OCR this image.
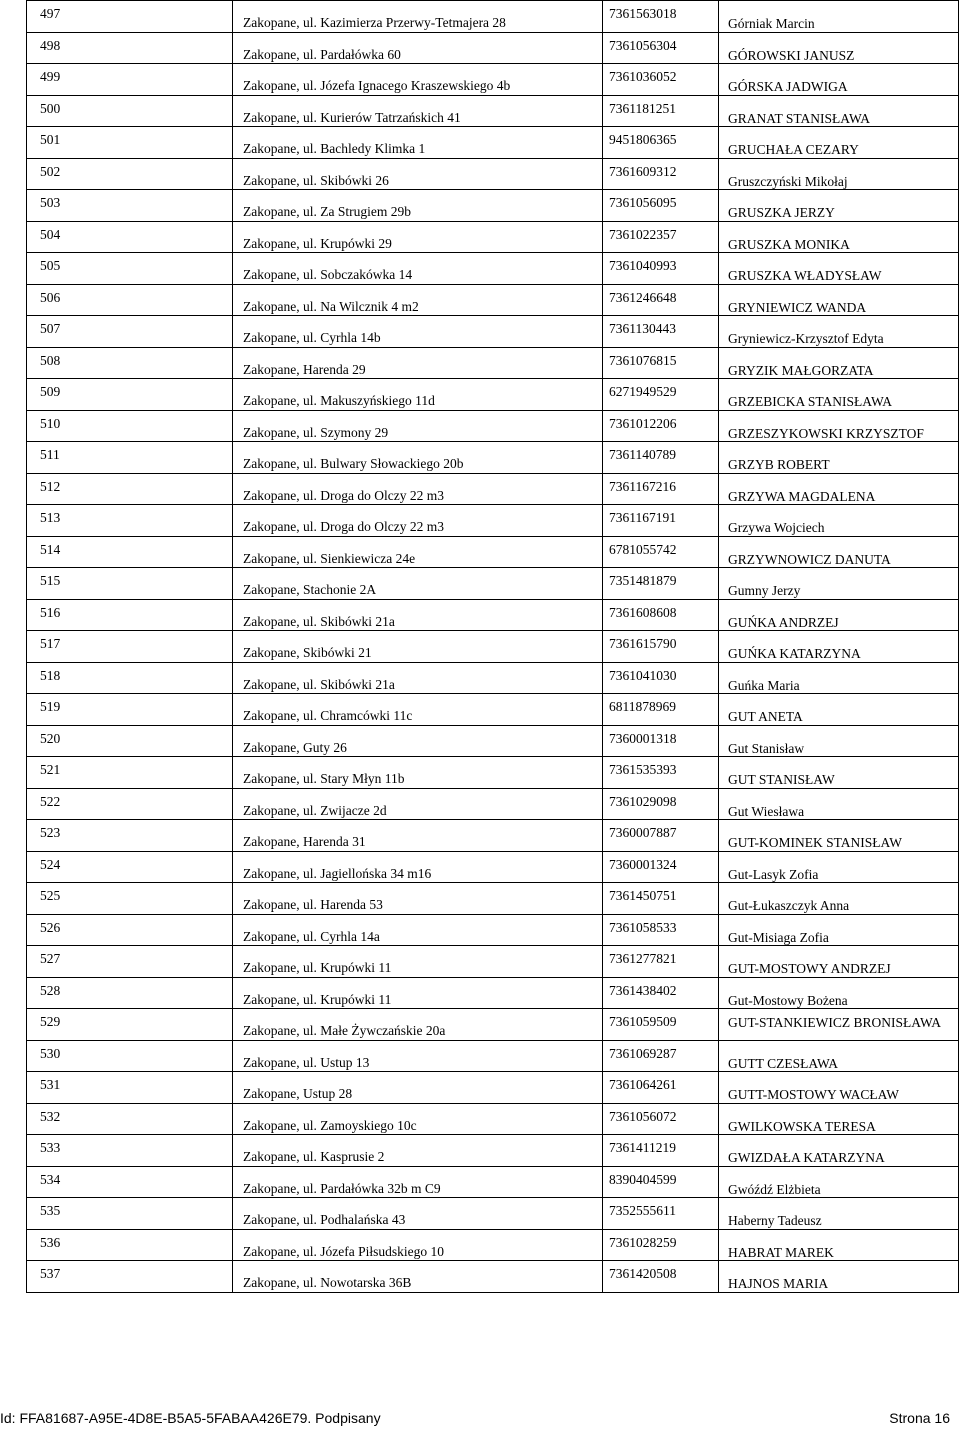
497	Zakopane, ul. Kazimierza Przerwy-Tetmajera 28	7361563018	Górniak Marcin

498	Zakopane, ul. Pardałówka 60	7361056304	GÓROWSKI JANUSZ

499	Zakopane, ul. Józefa Ignacego Kraszewskiego 4b	7361036052	GÓRSKA JADWIGA

500	Zakopane, ul. Kurierów Tatrzańskich 41	7361181251	GRANAT STANISŁAWA

501	Zakopane, ul. Bachledy Klimka 1	9451806365	GRUCHAŁA CEZARY

502	Zakopane, ul. Skibówki 26	7361609312	Gruszczyński Mikołaj

503	Zakopane, ul. Za Strugiem 29b	7361056095	GRUSZKA JERZY

504	Zakopane, ul. Krupówki 29	7361022357	GRUSZKA MONIKA

505	Zakopane, ul. Sobczakówka 14	7361040993	GRUSZKA WŁADYSŁAW

506	Zakopane, ul. Na Wilcznik 4 m2	7361246648	GRYNIEWICZ WANDA

507	Zakopane, ul. Cyrhla 14b	7361130443	Gryniewicz-Krzysztof Edyta

508	Zakopane, Harenda 29	7361076815	GRYZIK MAŁGORZATA

509	Zakopane, ul. Makuszyńskiego 11d	6271949529	GRZEBICKA STANISŁAWA

510	Zakopane, ul. Szymony 29	7361012206	GRZESZYKOWSKI KRZYSZTOF

511	Zakopane, ul. Bulwary Słowackiego 20b	7361140789	GRZYB ROBERT

512	Zakopane, ul. Droga do Olczy 22 m3	7361167216	GRZYWA MAGDALENA

513	Zakopane, ul. Droga do Olczy 22 m3	7361167191	Grzywa Wojciech

514	Zakopane, ul. Sienkiewicza 24e	6781055742	GRZYWNOWICZ DANUTA

515	Zakopane, Stachonie 2A	7351481879	Gumny Jerzy

516	Zakopane, ul. Skibówki 21a	7361608608	GUŃKA ANDRZEJ

517	Zakopane, Skibówki 21	7361615790	GUŃKA KATARZYNA

518	Zakopane, ul. Skibówki 21a	7361041030	Guńka Maria

519	Zakopane, ul. Chramcówki 11c	6811878969	GUT ANETA

520	Zakopane, Guty 26	7360001318	Gut Stanisław

521	Zakopane, ul. Stary Młyn 11b	7361535393	GUT STANISŁAW

522	Zakopane, ul. Zwijacze 2d	7361029098	Gut Wiesława

523	Zakopane, Harenda 31	7360007887	GUT-KOMINEK STANISŁAW

524	Zakopane, ul. Jagiellońska 34 m16	7360001324	Gut-Lasyk Zofia

525	Zakopane, ul. Harenda 53	7361450751	Gut-Łukaszczyk Anna

526	Zakopane, ul. Cyrhla 14a	7361058533	Gut-Misiaga Zofia

527	Zakopane, ul. Krupówki 11	7361277821	GUT-MOSTOWY ANDRZEJ

528	Zakopane, ul. Krupówki 11	7361438402	Gut-Mostowy Bożena

529	Zakopane, ul. Małe Żywczańskie 20a	7361059509	GUT-STANKIEWICZ BRONISŁAWA

530	Zakopane, ul. Ustup 13	7361069287	GUTT CZESŁAWA

531	Zakopane, Ustup 28	7361064261	GUTT-MOSTOWY WACŁAW

532	Zakopane, ul. Zamoyskiego 10c	7361056072	GWILKOWSKA TERESA

533	Zakopane, ul. Kasprusie 2	7361411219	GWIZDAŁA KATARZYNA

534	Zakopane, ul. Pardałówka 32b m C9	8390404599	Gwóźdź Elżbieta

535	Zakopane, ul. Podhalańska 43	7352555611	Haberny Tadeusz

536	Zakopane, ul. Józefa Piłsudskiego 10	7361028259	HABRAT MAREK

537	Zakopane, ul. Nowotarska 36B	7361420508	HAJNOS MARIA
Id: FFA81687-A95E-4D8E-B5A5-5FABAA426E79. Podpisany	Strona 16
